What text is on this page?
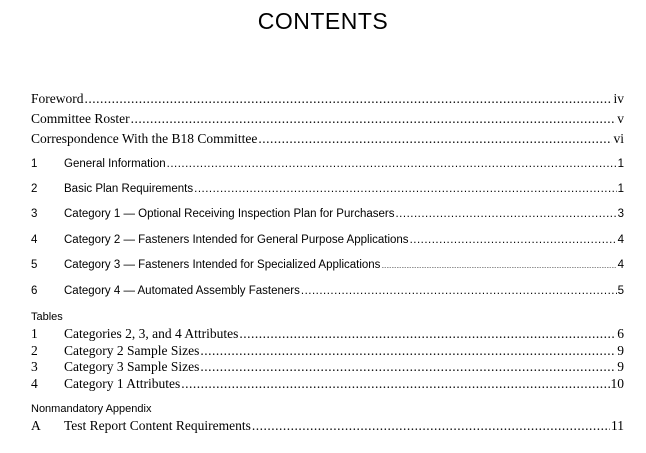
CONTENTS
Foreword .....	iv
Committee Roster .....	v
Correspondence With the B18 Committee .....	vi
1	General Information .....	1
2	Basic Plan Requirements .....	1
3	Category 1 — Optional Receiving Inspection Plan for Purchasers .....	3
4	Category 2 — Fasteners Intended for General Purpose Applications .....	4
5	Category 3 — Fasteners Intended for Specialized Applications .....	4
6	Category 4 — Automated Assembly Fasteners .....	5
Tables
1	Categories 2, 3, and 4 Attributes .....	6
2	Category 2 Sample Sizes .....	9
3	Category 3 Sample Sizes .....	9
4	Category 1 Attributes .....	10
Nonmandatory Appendix
A	Test Report Content Requirements .....	11
